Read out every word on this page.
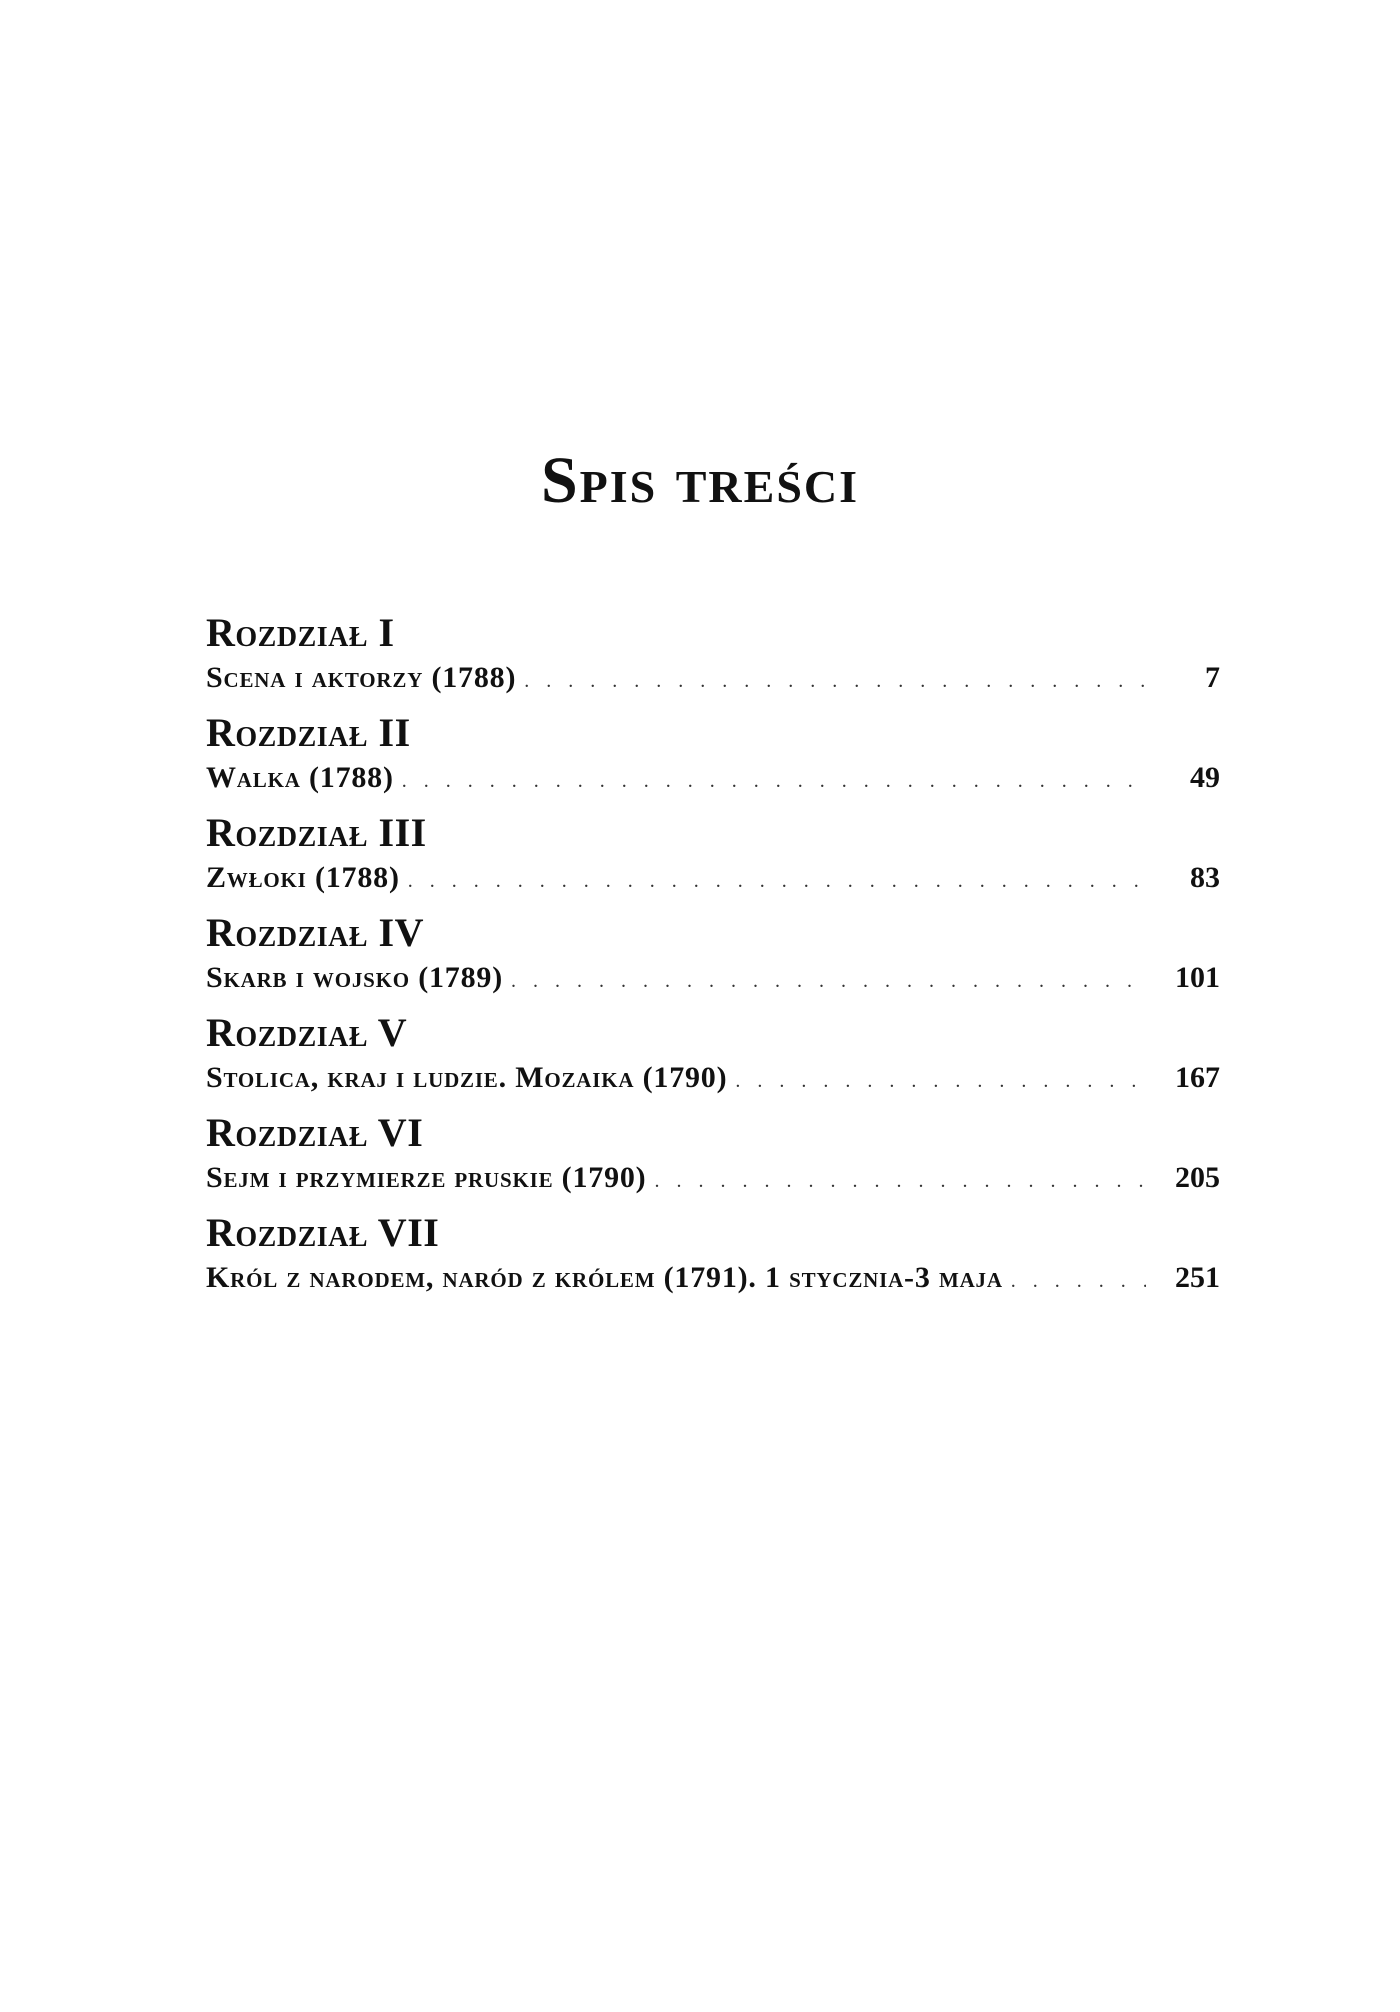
Spis treści
Rozdział I
Scena i aktorzy (1788) . . .	7
Rozdział II
Walka (1788) . . .	49
Rozdział III
Zwłoki (1788) . . .	83
Rozdział IV
Skarb i wojsko (1789) . . .	101
Rozdział V
Stolica, kraj i ludzie. Mozaika (1790) . . .	167
Rozdział VI
Sejm i przymierze pruskie (1790) . . .	205
Rozdział VII
Król z narodem, naród z królem (1791). 1 stycznia-3 maja . . .	251
